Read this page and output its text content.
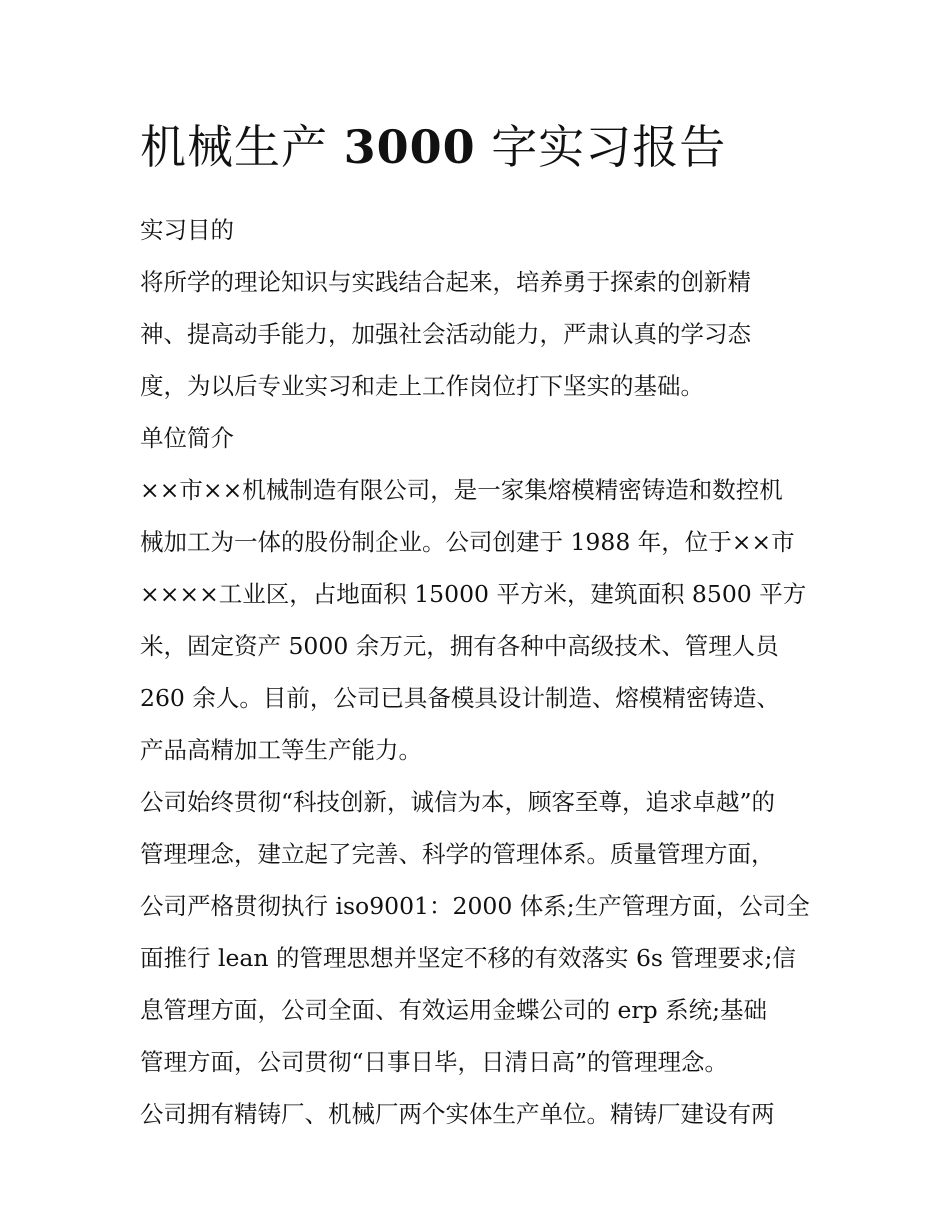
机械生产 3000 字实习报告

实习目的

将所学的理论知识与实践结合起来，培养勇于探索的创新精

神、提高动手能力，加强社会活动能力，严肃认真的学习态

度，为以后专业实习和走上工作岗位打下坚实的基础。

单位简介

××市××机械制造有限公司，是一家集熔模精密铸造和数控机

械加工为一体的股份制企业。公司创建于 1988 年，位于××市

××××工业区，占地面积 15000 平方米，建筑面积 8500 平方

米，固定资产 5000 余万元，拥有各种中高级技术、管理人员

260 余人。目前，公司已具备模具设计制造、熔模精密铸造、

产品高精加工等生产能力。

公司始终贯彻“科技创新，诚信为本，顾客至尊，追求卓越”的

管理理念，建立起了完善、科学的管理体系。质量管理方面，

公司严格贯彻执行 iso9001：2000 体系;生产管理方面，公司全

面推行 lean 的管理思想并坚定不移的有效落实 6s 管理要求;信

息管理方面，公司全面、有效运用金蝶公司的 erp 系统;基础

管理方面，公司贯彻“日事日毕，日清日高”的管理理念。

公司拥有精铸厂、机械厂两个实体生产单位。精铸厂建设有两
